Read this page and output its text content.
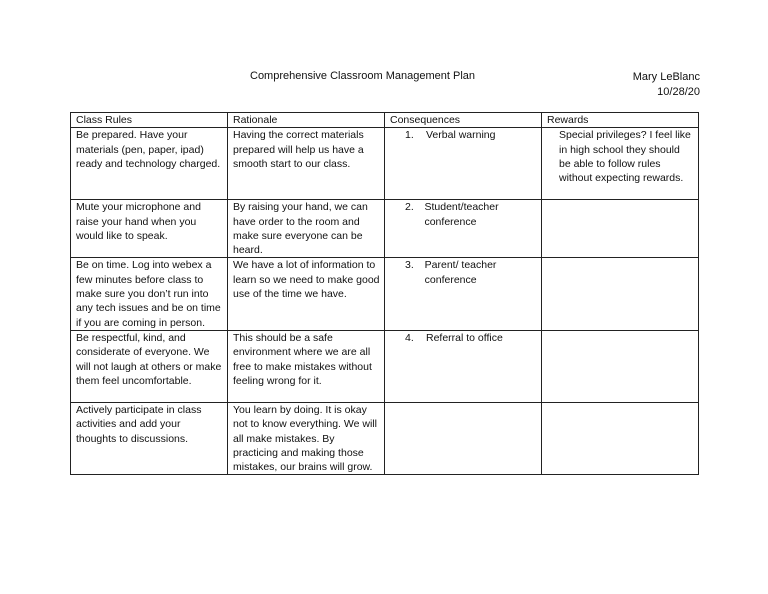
Comprehensive Classroom Management Plan	Mary LeBlanc
10/28/20
Class Rules	Rationale	Consequences	Rewards
Be prepared. Have your materials (pen, paper, ipad) ready and technology charged.	Having the correct materials prepared will help us have a smooth start to our class.	1. Verbal warning	Special privileges? I feel like in high school they should be able to follow rules without expecting rewards.
Mute your microphone and raise your hand when you would like to speak.	By raising your hand, we can have order to the room and make sure everyone can be heard.	2. Student/teacher conference	

Be on time. Log into webex a few minutes before class to make sure you don’t run into any tech issues and be on time if you are coming in person.	We have a lot of information to learn so we need to make good use of the time we have.	3. Parent/ teacher conference	

Be respectful, kind, and considerate of everyone. We will not laugh at others or make them feel uncomfortable.	This should be a safe environment where we are all free to make mistakes without feeling wrong for it.	4. Referral to office	

Actively participate in class activities and add your thoughts to discussions.	You learn by doing. It is okay not to know everything. We will all make mistakes. By practicing and making those mistakes, our brains will grow.	
